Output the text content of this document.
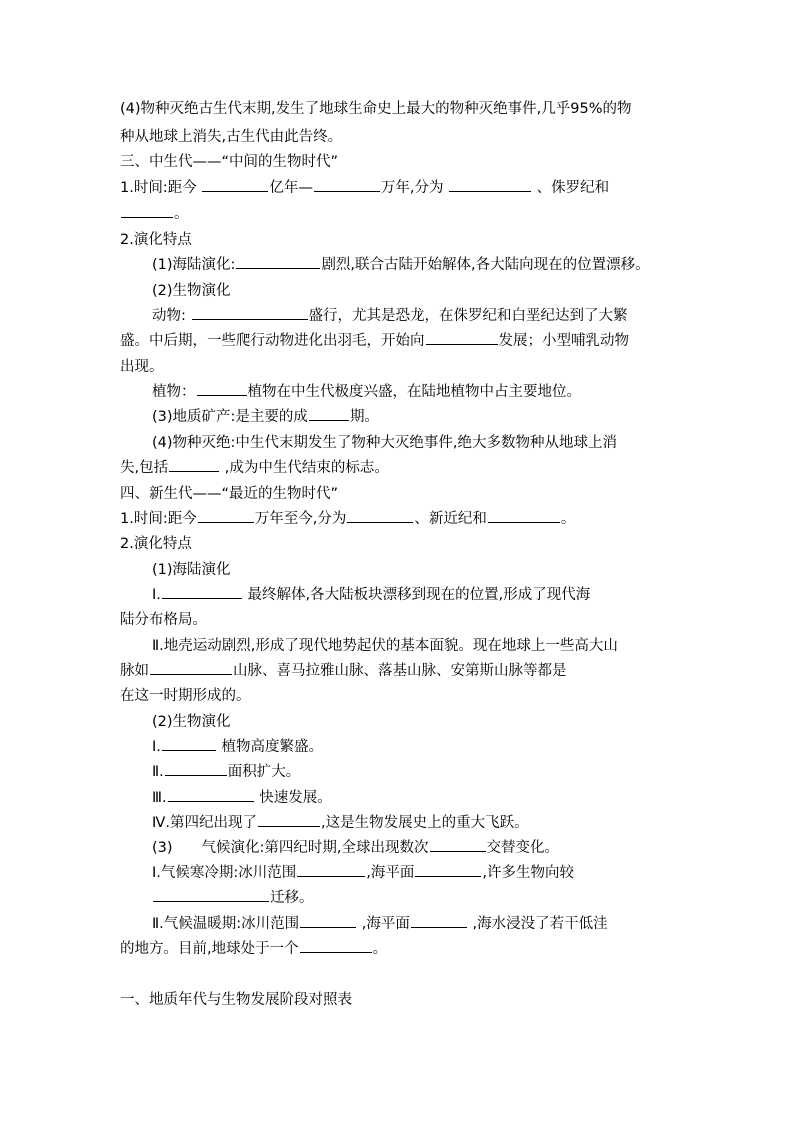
(4)物种灭绝古生代末期,发生了地球生命史上最大的物种灭绝事件,几乎95%的物
种从地球上消失,古生代由此告终。
三、中生代——“中间的生物时代”
1.时间:距今	亿年—	万年,分为	、侏罗纪和
。
2.演化特点
(1)海陆演化:	剧烈,联合古陆开始解体,各大陆向现在的位置漂移。
(2)生物演化
动物:	盛行，尤其是恐龙，在侏罗纪和白垩纪达到了大繁
盛。中后期，一些爬行动物进化出羽毛，开始向	发展；小型哺乳动物
出现。
植物：	植物在中生代极度兴盛，在陆地植物中占主要地位。
(3)地质矿产:是主要的成	期。
(4)物种灭绝:中生代末期发生了物种大灭绝事件,绝大多数物种从地球上消
失,包括	,成为中生代结束的标志。
四、新生代——“最近的生物时代”
1.时间:距今	万年至今,分为	、新近纪和	。
2.演化特点
(1)海陆演化
Ⅰ.	最终解体,各大陆板块漂移到现在的位置,形成了现代海
陆分布格局。
Ⅱ.地壳运动剧烈,形成了现代地势起伏的基本面貌。现在地球上一些高大山
脉如	山脉、喜马拉雅山脉、落基山脉、安第斯山脉等都是
在这一时期形成的。
(2)生物演化
Ⅰ.	植物高度繁盛。
Ⅱ.	面积扩大。
Ⅲ.	快速发展。
Ⅳ.第四纪出现了	,这是生物发展史上的重大飞跃。
(3)　　气候演化:第四纪时期,全球出现数次	交替变化。
Ⅰ.气候寒冷期:冰川范围	,海平面	,许多生物向较
迁移。
Ⅱ.气候温暖期:冰川范围	,海平面	,海水浸没了若干低洼
的地方。目前,地球处于一个	。
一、地质年代与生物发展阶段对照表
